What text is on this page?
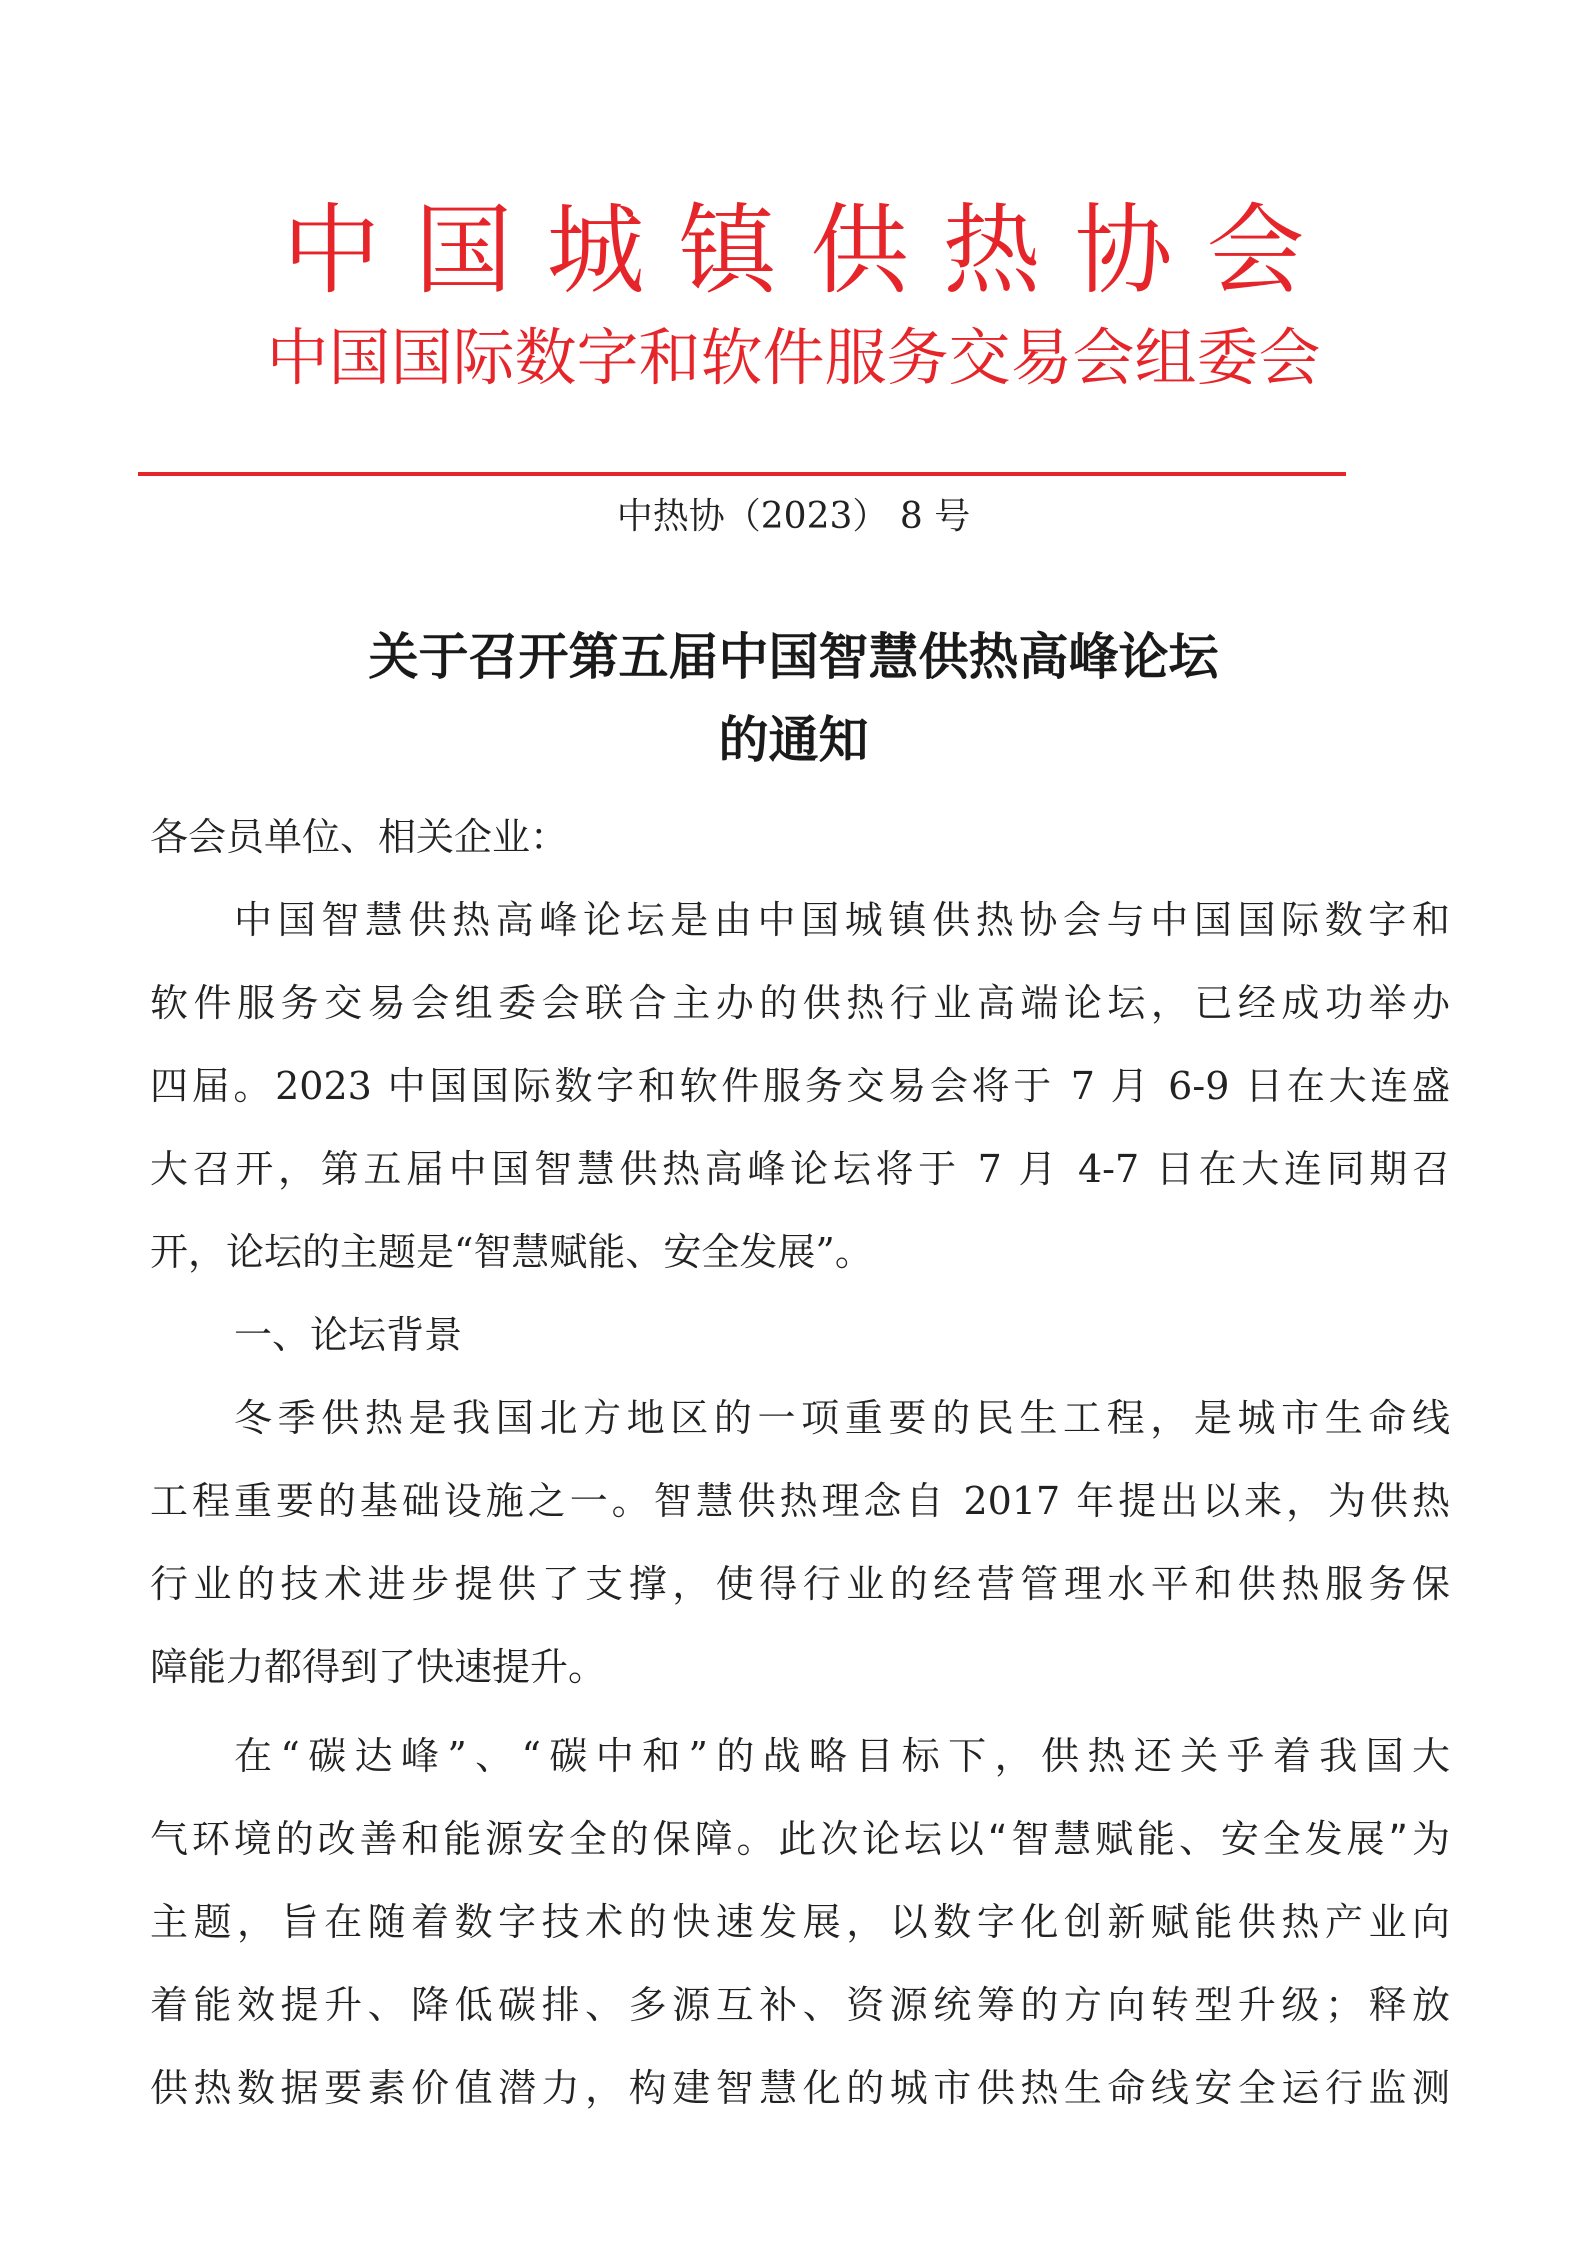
中国城镇供热协会
中国国际数字和软件服务交易会组委会
中热协（2023） 8 号
关于召开第五届中国智慧供热高峰论坛
的通知
各会员单位、相关企业：
中国智慧供热高峰论坛是由中国城镇供热协会与中国国际数字和
软件服务交易会组委会联合主办的供热行业高端论坛，已经成功举办
四届。2023 中国国际数字和软件服务交易会将于 7 月 6-9 日在大连盛
大召开，第五届中国智慧供热高峰论坛将于 7 月 4-7 日在大连同期召
开，论坛的主题是“智慧赋能、安全发展”。
一、论坛背景
冬季供热是我国北方地区的一项重要的民生工程，是城市生命线
工程重要的基础设施之一。智慧供热理念自 2017 年提出以来，为供热
行业的技术进步提供了支撑，使得行业的经营管理水平和供热服务保
障能力都得到了快速提升。
在“碳达峰”、“碳中和”的战略目标下，供热还关乎着我国大
气环境的改善和能源安全的保障。此次论坛以“智慧赋能、安全发展”为
主题，旨在随着数字技术的快速发展，以数字化创新赋能供热产业向
着能效提升、降低碳排、多源互补、资源统筹的方向转型升级；释放
供热数据要素价值潜力，构建智慧化的城市供热生命线安全运行监测
